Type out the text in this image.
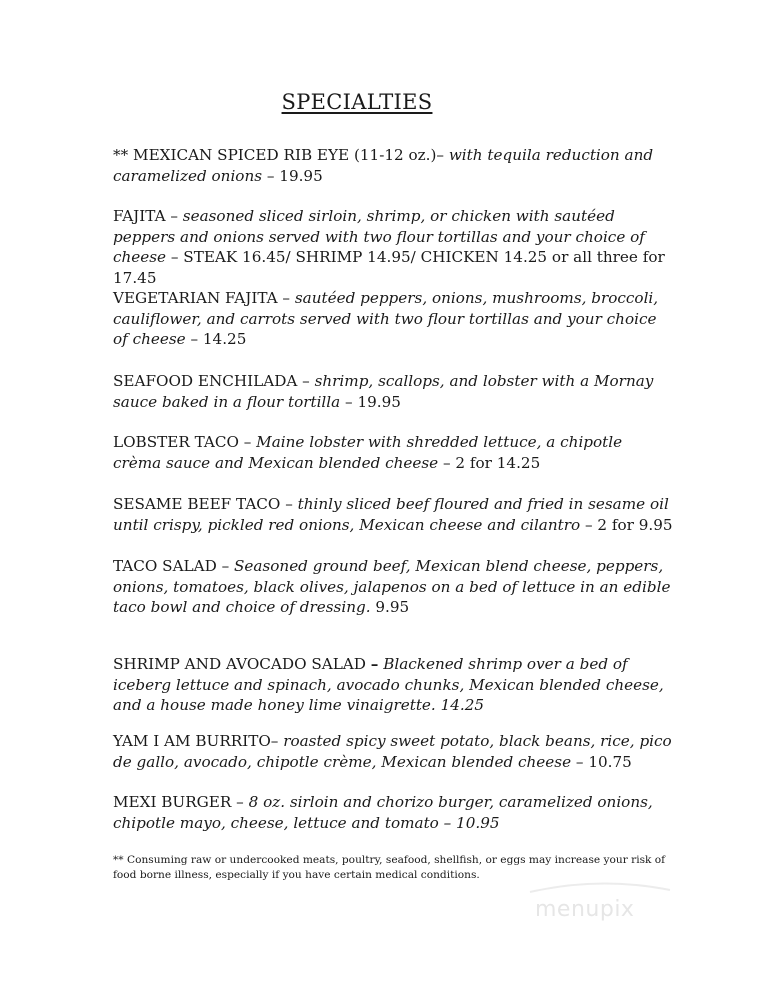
SPECIALTIES

** MEXICAN SPICED RIB EYE (11-12 oz.)– with tequila reduction and caramelized onions – 19.95

FAJITA – seasoned sliced sirloin, shrimp, or chicken with sautéed peppers and onions served with two flour tortillas and your choice of cheese – STEAK 16.45/ SHRIMP 14.95/ CHICKEN 14.25 or all three for 17.45

VEGETARIAN FAJITA – sautéed peppers, onions, mushrooms, broccoli, cauliflower, and carrots served with two flour tortillas and your choice of cheese – 14.25

SEAFOOD ENCHILADA – shrimp, scallops, and lobster with a Mornay sauce baked in a flour tortilla – 19.95

LOBSTER TACO – Maine lobster with shredded lettuce, a chipotle crèma sauce and Mexican blended cheese – 2 for 14.25

SESAME BEEF TACO – thinly sliced beef floured and fried in sesame oil until crispy, pickled red onions, Mexican cheese and cilantro – 2 for 9.95

TACO SALAD – Seasoned ground beef, Mexican blend cheese, peppers, onions, tomatoes, black olives, jalapenos on a bed of lettuce in an edible taco bowl and choice of dressing. 9.95

SHRIMP AND AVOCADO SALAD – Blackened shrimp over a bed of iceberg lettuce and spinach, avocado chunks, Mexican blended cheese, and a house made honey lime vinaigrette. 14.25

YAM I AM BURRITO– roasted spicy sweet potato, black beans, rice, pico de gallo, avocado, chipotle crème, Mexican blended cheese – 10.75

MEXI BURGER – 8 oz. sirloin and chorizo burger, caramelized onions, chipotle mayo, cheese, lettuce and tomato – 10.95

** Consuming raw or undercooked meats, poultry, seafood, shellfish, or eggs may increase your risk of food borne illness, especially if you have certain medical conditions.
menupix
